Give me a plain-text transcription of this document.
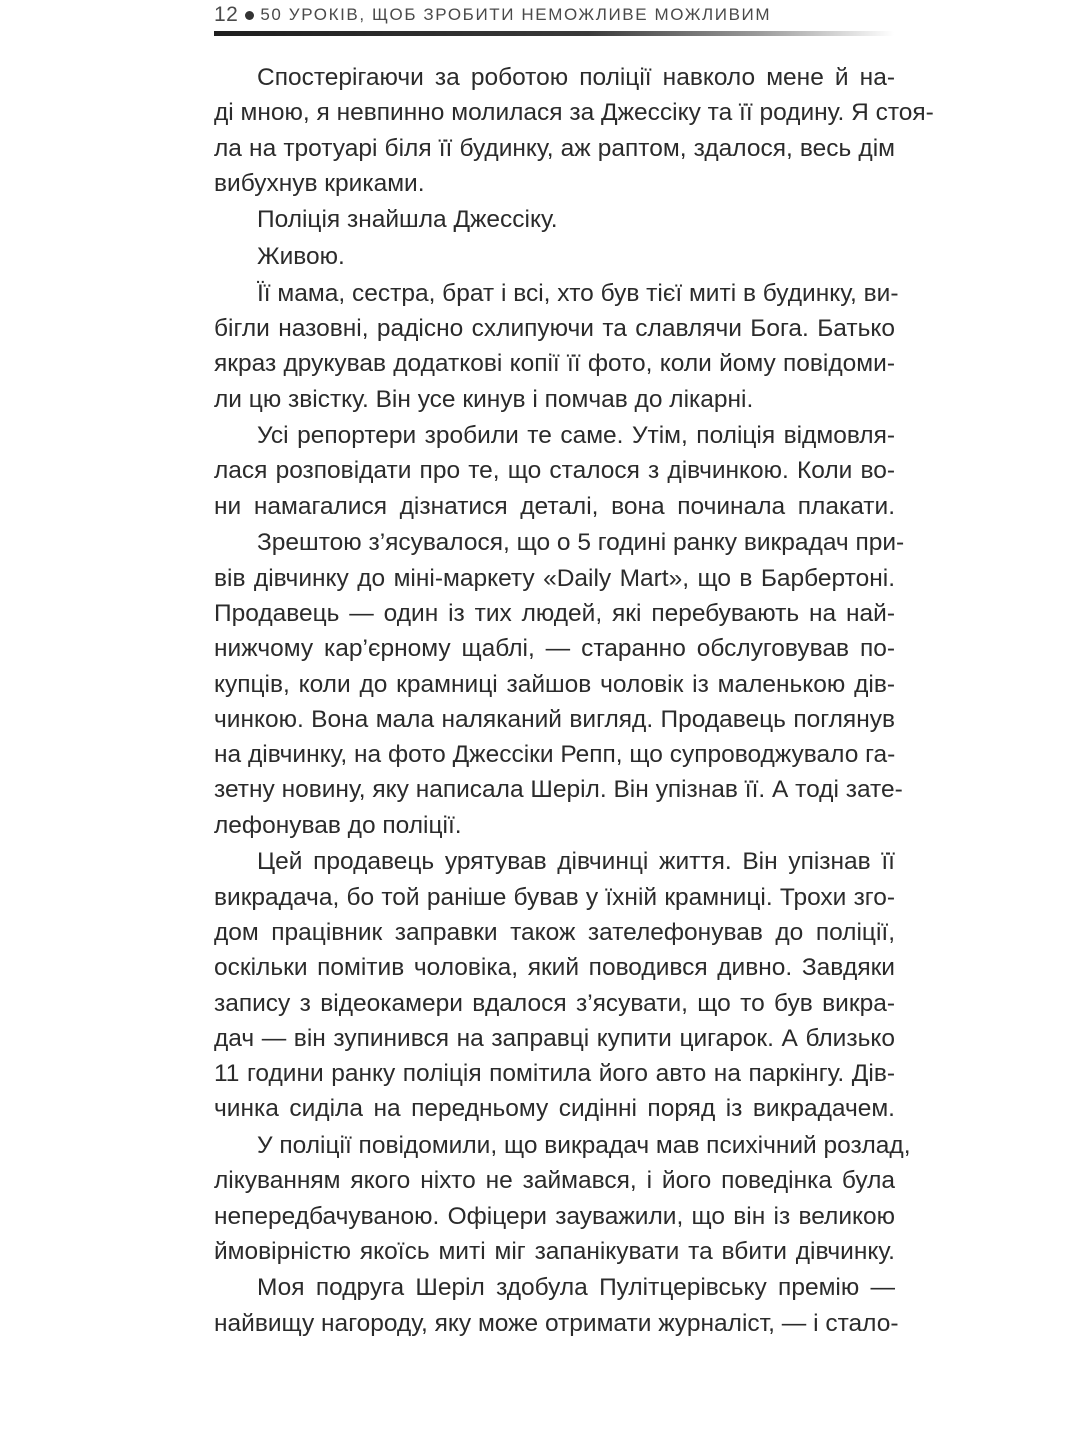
12 50 УРОКІВ, ЩОБ ЗРОБИТИ НЕМОЖЛИВЕ МОЖЛИВИМ
Спостерігаючи за роботою поліції навколо мене й на-
ді мною, я невпинно молилася за Джессіку та її родину. Я стоя-
ла на тротуарі біля її будинку, аж раптом, здалося, весь дім
вибухнув криками.
Поліція знайшла Джессіку.
Живою.
Її мама, сестра, брат і всі, хто був тієї миті в будинку, ви-
бігли назовні, радісно схлипуючи та славлячи Бога. Батько
якраз друкував додаткові копії її фото, коли йому повідоми-
ли цю звістку. Він усе кинув і помчав до лікарні.
Усі репортери зробили те саме. Утім, поліція відмовля-
лася розповідати про те, що сталося з дівчинкою. Коли во-
ни намагалися дізнатися деталі, вона починала плакати.
Зрештою з’ясувалося, що о 5 годині ранку викрадач при-
вів дівчинку до міні-маркету «Daily Mart», що в Барбертоні.
Продавець — один із тих людей, які перебувають на най-
нижчому кар’єрному щаблі, — старанно обслуговував по-
купців, коли до крамниці зайшов чоловік із маленькою дів-
чинкою. Вона мала наляканий вигляд. Продавець поглянув
на дівчинку, на фото Джессіки Репп, що супроводжувало га-
зетну новину, яку написала Шеріл. Він упізнав її. А тоді зате-
лефонував до поліції.
Цей продавець урятував дівчинці життя. Він упізнав її
викрадача, бо той раніше бував у їхній крамниці. Трохи зго-
дом працівник заправки також зателефонував до поліції,
оскільки помітив чоловіка, який поводився дивно. Завдяки
запису з відеокамери вдалося з’ясувати, що то був викра-
дач — він зупинився на заправці купити цигарок. А близько
11 години ранку поліція помітила його авто на паркінгу. Дів-
чинка сиділа на передньому сидінні поряд із викрадачем.
У поліції повідомили, що викрадач мав психічний розлад,
лікуванням якого ніхто не займався, і його поведінка була
непередбачуваною. Офіцери зауважили, що він із великою
ймовірністю якоїсь миті міг запанікувати та вбити дівчинку.
Моя подруга Шеріл здобула Пулітцерівську премію —
найвищу нагороду, яку може отримати журналіст, — і стало-
